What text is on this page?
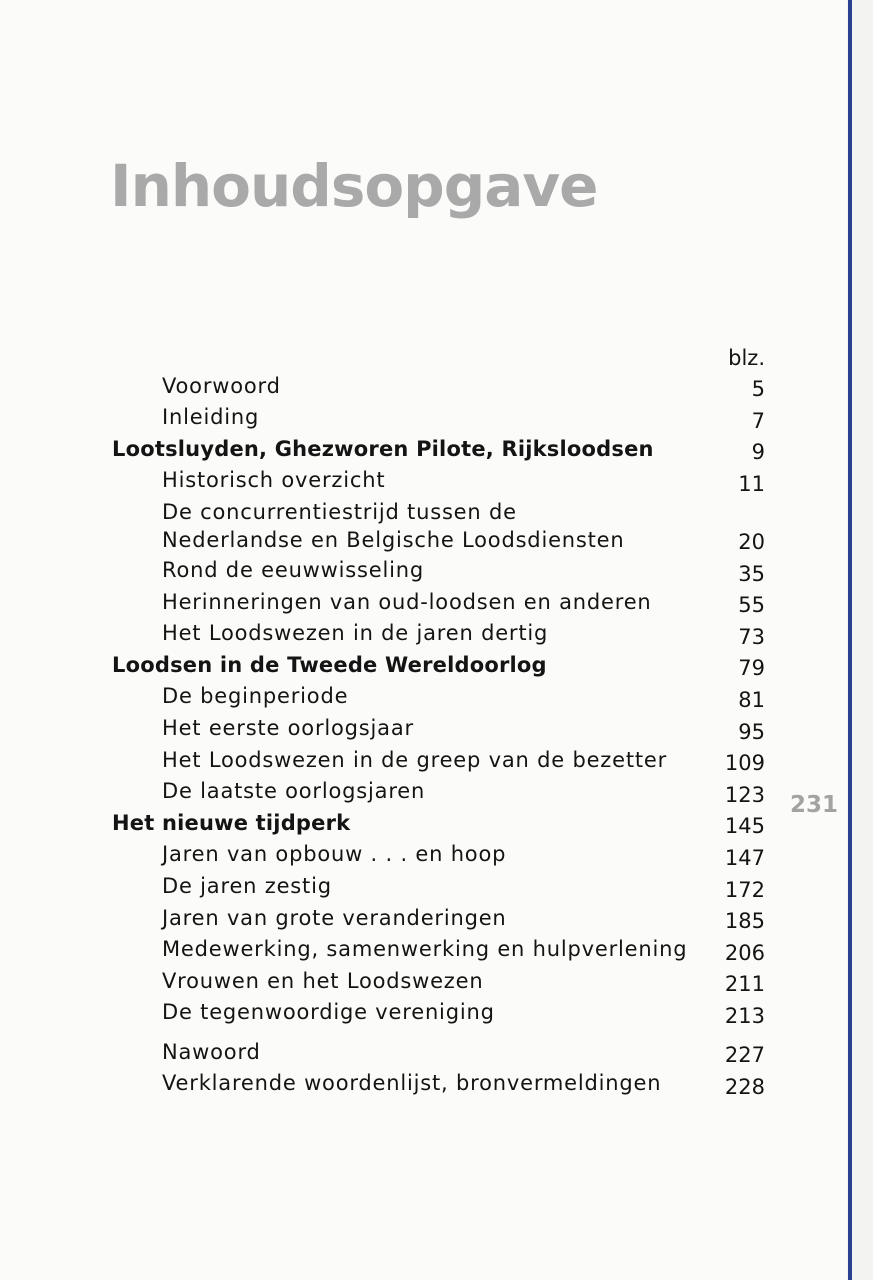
Inhoudsopgave
231
blz.
Voorwoord	5
Inleiding	7
Lootsluyden, Ghezworen Pilote, Rijksloodsen	9
Historisch overzicht	11
De concurrentiestrijd tussen de
Nederlandse en Belgische Loodsdiensten	20
Rond de eeuwwisseling	35
Herinneringen van oud-loodsen en anderen	55
Het Loodswezen in de jaren dertig	73
Loodsen in de Tweede Wereldoorlog	79
De beginperiode	81
Het eerste oorlogsjaar	95
Het Loodswezen in de greep van de bezetter	109
De laatste oorlogsjaren	123
Het nieuwe tijdperk	145
Jaren van opbouw . . . en hoop	147
De jaren zestig	172
Jaren van grote veranderingen	185
Medewerking, samenwerking en hulpverlening 206
Vrouwen en het Loodswezen	211
De tegenwoordige vereniging	213
Nawoord	227
Verklarende woordenlijst, bronvermeldingen	228
